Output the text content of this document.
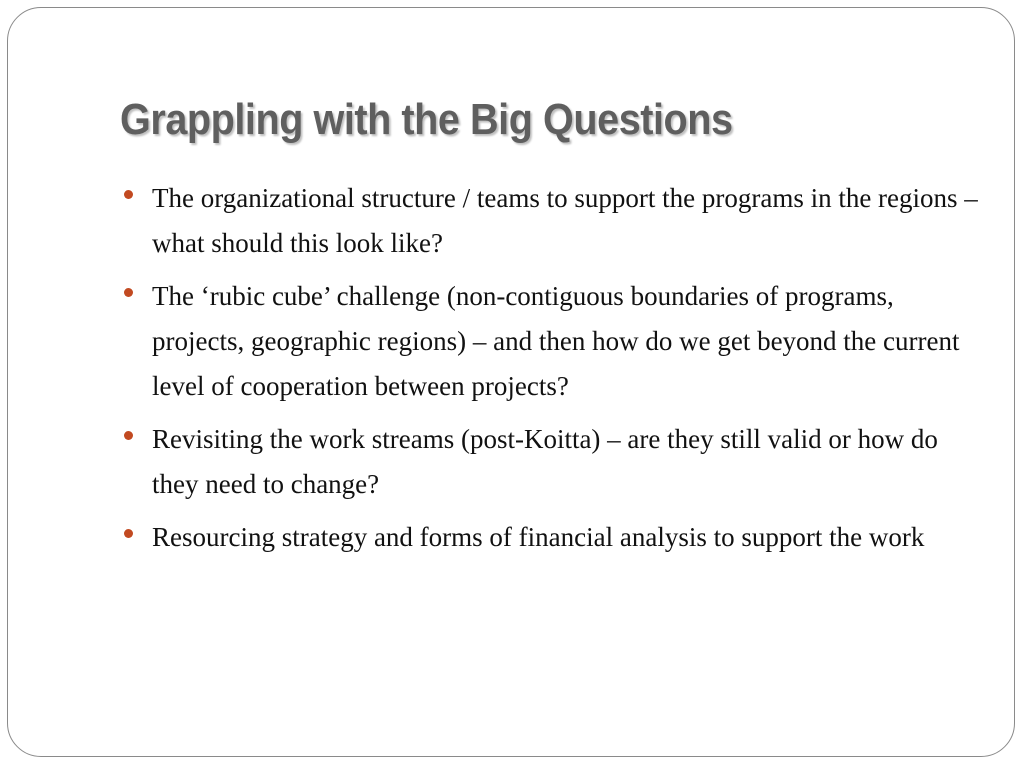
Grappling with the Big Questions
The organizational structure / teams to support the programs in the regions – what should this look like?
The ‘rubic cube’ challenge (non-contiguous boundaries of programs, projects, geographic regions) – and then how do we get beyond the current level of cooperation between projects?
Revisiting the work streams (post-Koitta) – are they still valid or how do they need to change?
Resourcing strategy and forms of financial analysis to support the work
